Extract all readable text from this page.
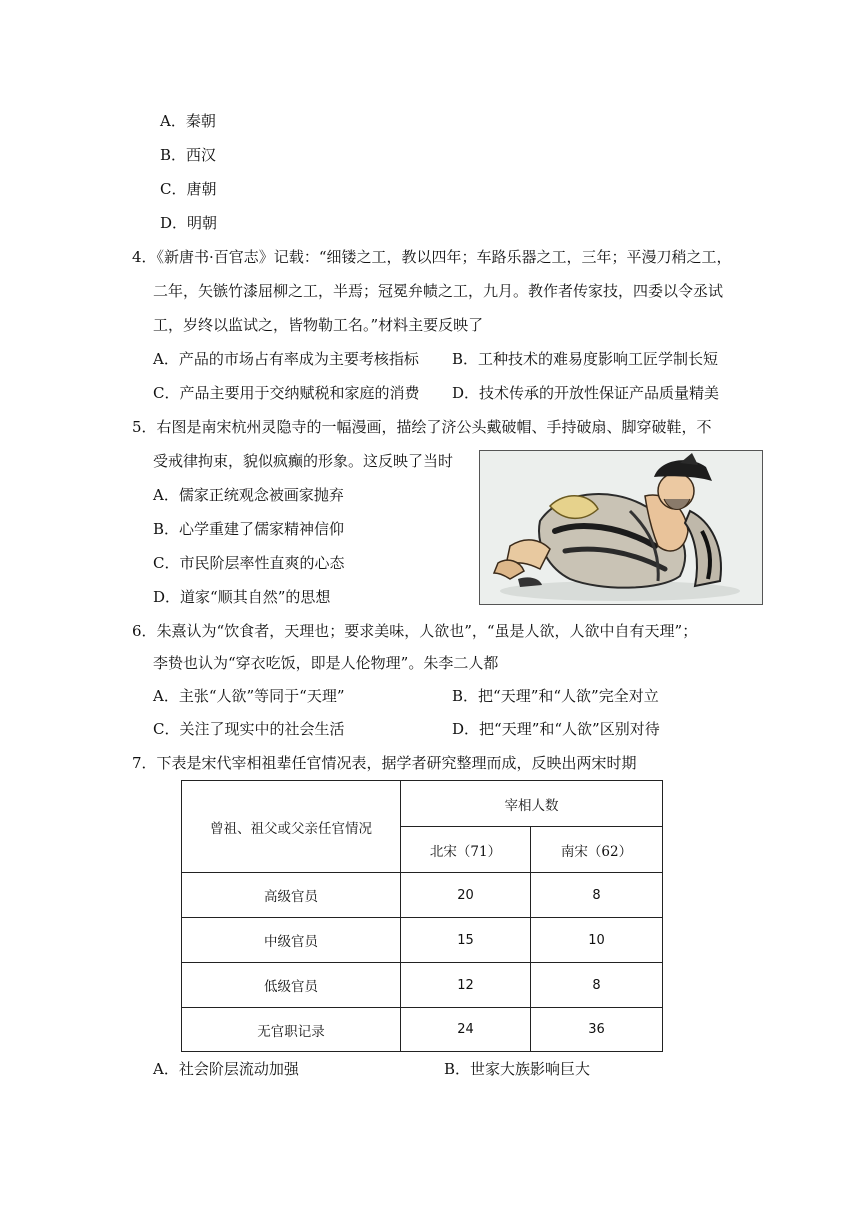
A．秦朝
B．西汉
C．唐朝
D．明朝
4．《新唐书·百官志》记载：“细镂之工，教以四年；车路乐器之工，三年；平漫刀稍之工，
二年，矢镞竹漆屈柳之工，半焉；冠冕弁帻之工，九月。教作者传家技，四委以令丞试
工，岁终以监试之，皆物勒工名。”材料主要反映了
A．产品的市场占有率成为主要考核指标 B．工种技术的难易度影响工匠学制长短
C．产品主要用于交纳赋税和家庭的消费 D．技术传承的开放性保证产品质量精美
5．右图是南宋杭州灵隐寺的一幅漫画，描绘了济公头戴破帽、手持破扇、脚穿破鞋，不
受戒律拘束，貌似疯癫的形象。这反映了当时
A．儒家正统观念被画家抛弃
B．心学重建了儒家精神信仰
C．市民阶层率性直爽的心态
D．道家“顺其自然”的思想
6．朱熹认为“饮食者，天理也；要求美味，人欲也”，“虽是人欲，人欲中自有天理”；
李贽也认为“穿衣吃饭，即是人伦物理”。朱李二人都
A．主张“人欲”等同于“天理”	B．把“天理”和“人欲”完全对立
C．关注了现实中的社会生活	D．把“天理”和“人欲”区别对待
7．下表是宋代宰相祖辈任官情况表，据学者研究整理而成，反映出两宋时期
曾祖、祖父或父亲任官情况
宰相人数
北宋（71）	南宋（62）
高级官员	20	8
中级官员	15	10
低级官员	12	8
无官职记录	24	36
A．社会阶层流动加强	B．世家大族影响巨大
